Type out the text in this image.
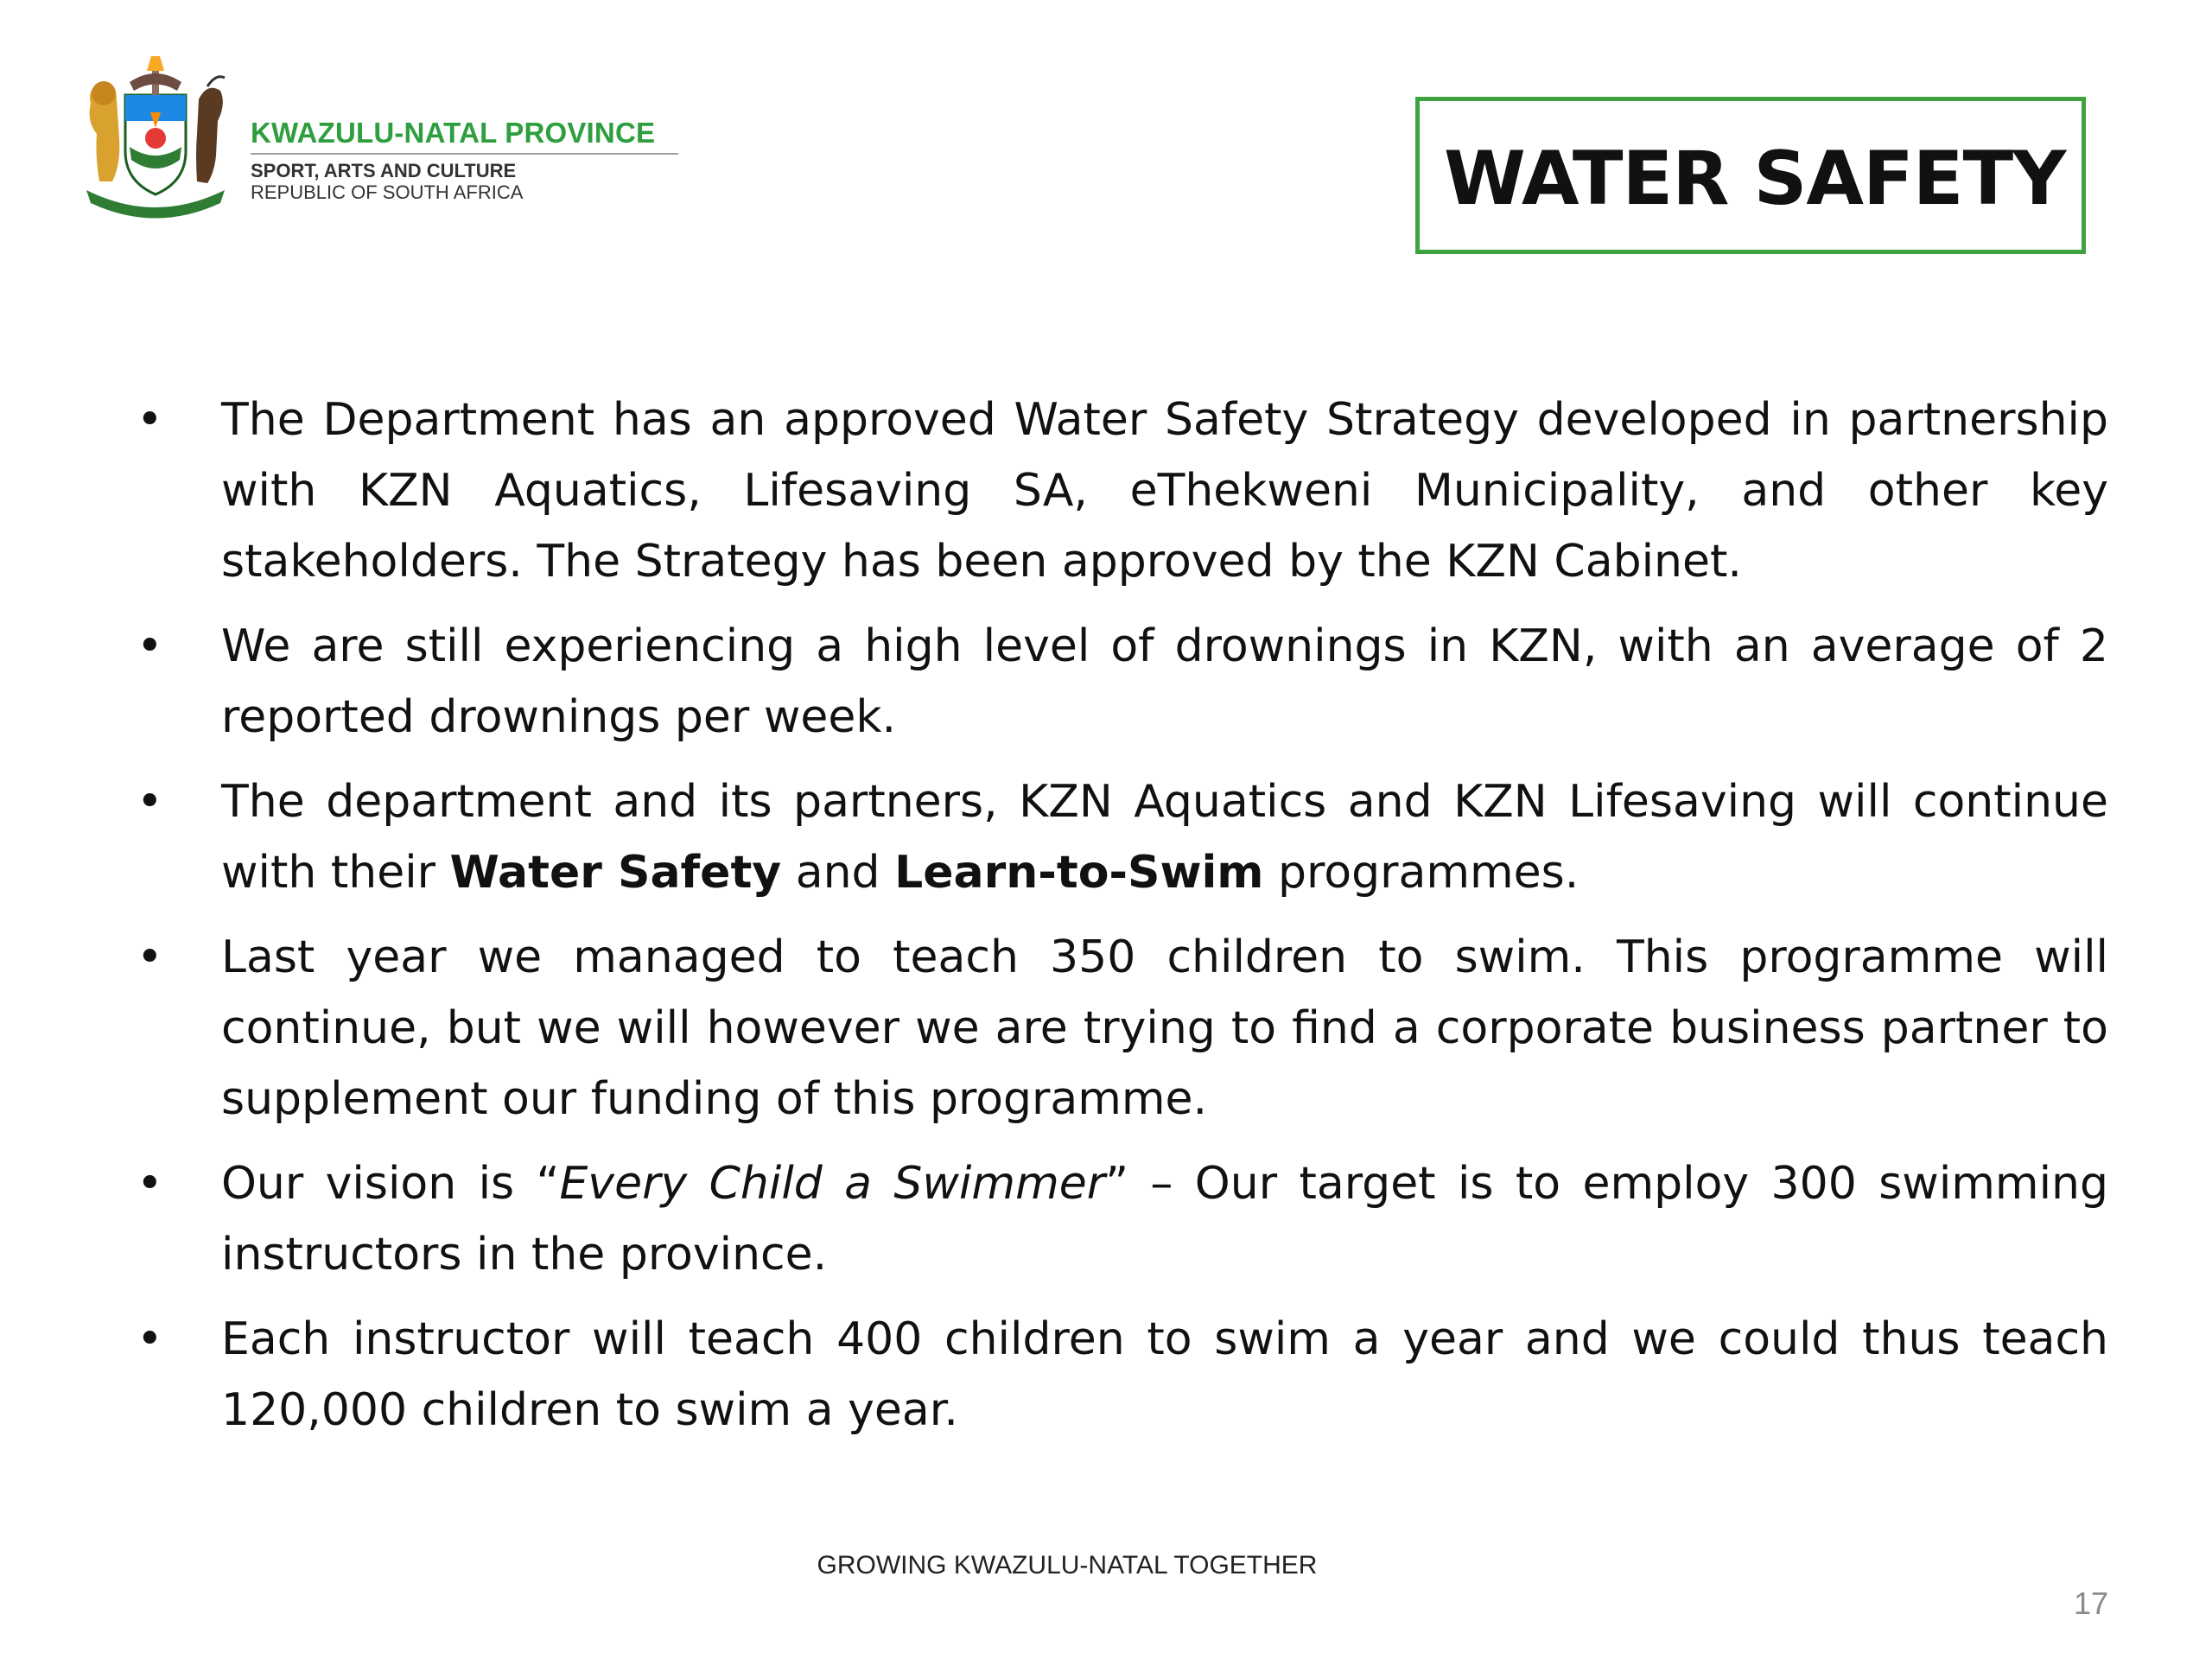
KWAZULU-NATAL PROVINCE
SPORT, ARTS AND CULTURE
REPUBLIC OF SOUTH AFRICA	WATER SAFETY
• The Department has an approved Water Safety Strategy developed in partnership with KZN Aquatics, Lifesaving SA, eThekweni Municipality, and other key stakeholders. The Strategy has been approved by the KZN Cabinet.
• We are still experiencing a high level of drownings in KZN, with an average of 2 reported drownings per week.
• The department and its partners, KZN Aquatics and KZN Lifesaving will continue with their Water Safety and Learn-to-Swim programmes.
• Last year we managed to teach 350 children to swim. This programme will continue, but we will however we are trying to find a corporate business partner to supplement our funding of this programme.
• Our vision is “Every Child a Swimmer” – Our target is to employ 300 swimming instructors in the province.
• Each instructor will teach 400 children to swim a year and we could thus teach 120,000 children to swim a year.
GROWING KWAZULU-NATAL TOGETHER
17
